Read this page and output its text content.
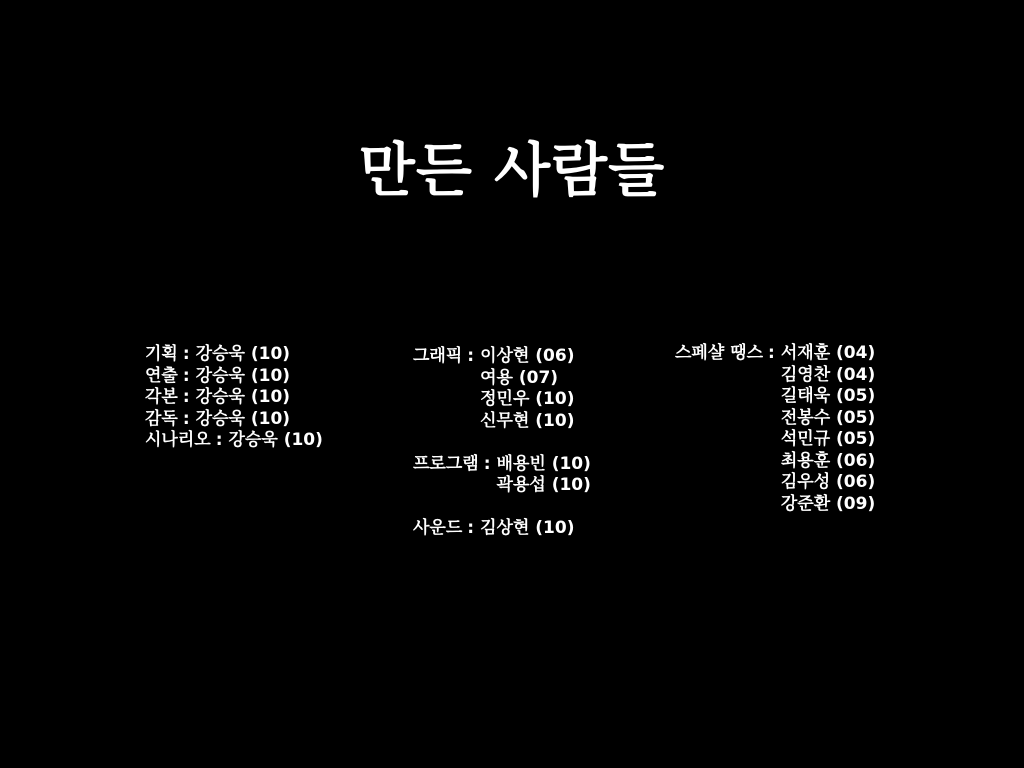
만든 사람들
기획 : 강승욱 (10)
연출 : 강승욱 (10)
각본 : 강승욱 (10)
감독 : 강승욱 (10)
시나리오 : 강승욱 (10)
그래픽 : 이상현 (06)
여용 (07)
정민우 (10)
신무현 (10)
프로그램 : 배용빈 (10)
곽용섭 (10)
사운드 : 김상현 (10)
스페샬 땡스 : 서재훈 (04)
김영찬 (04)
길태욱 (05)
전봉수 (05)
석민규 (05)
최용훈 (06)
김우성 (06)
강준환 (09)
